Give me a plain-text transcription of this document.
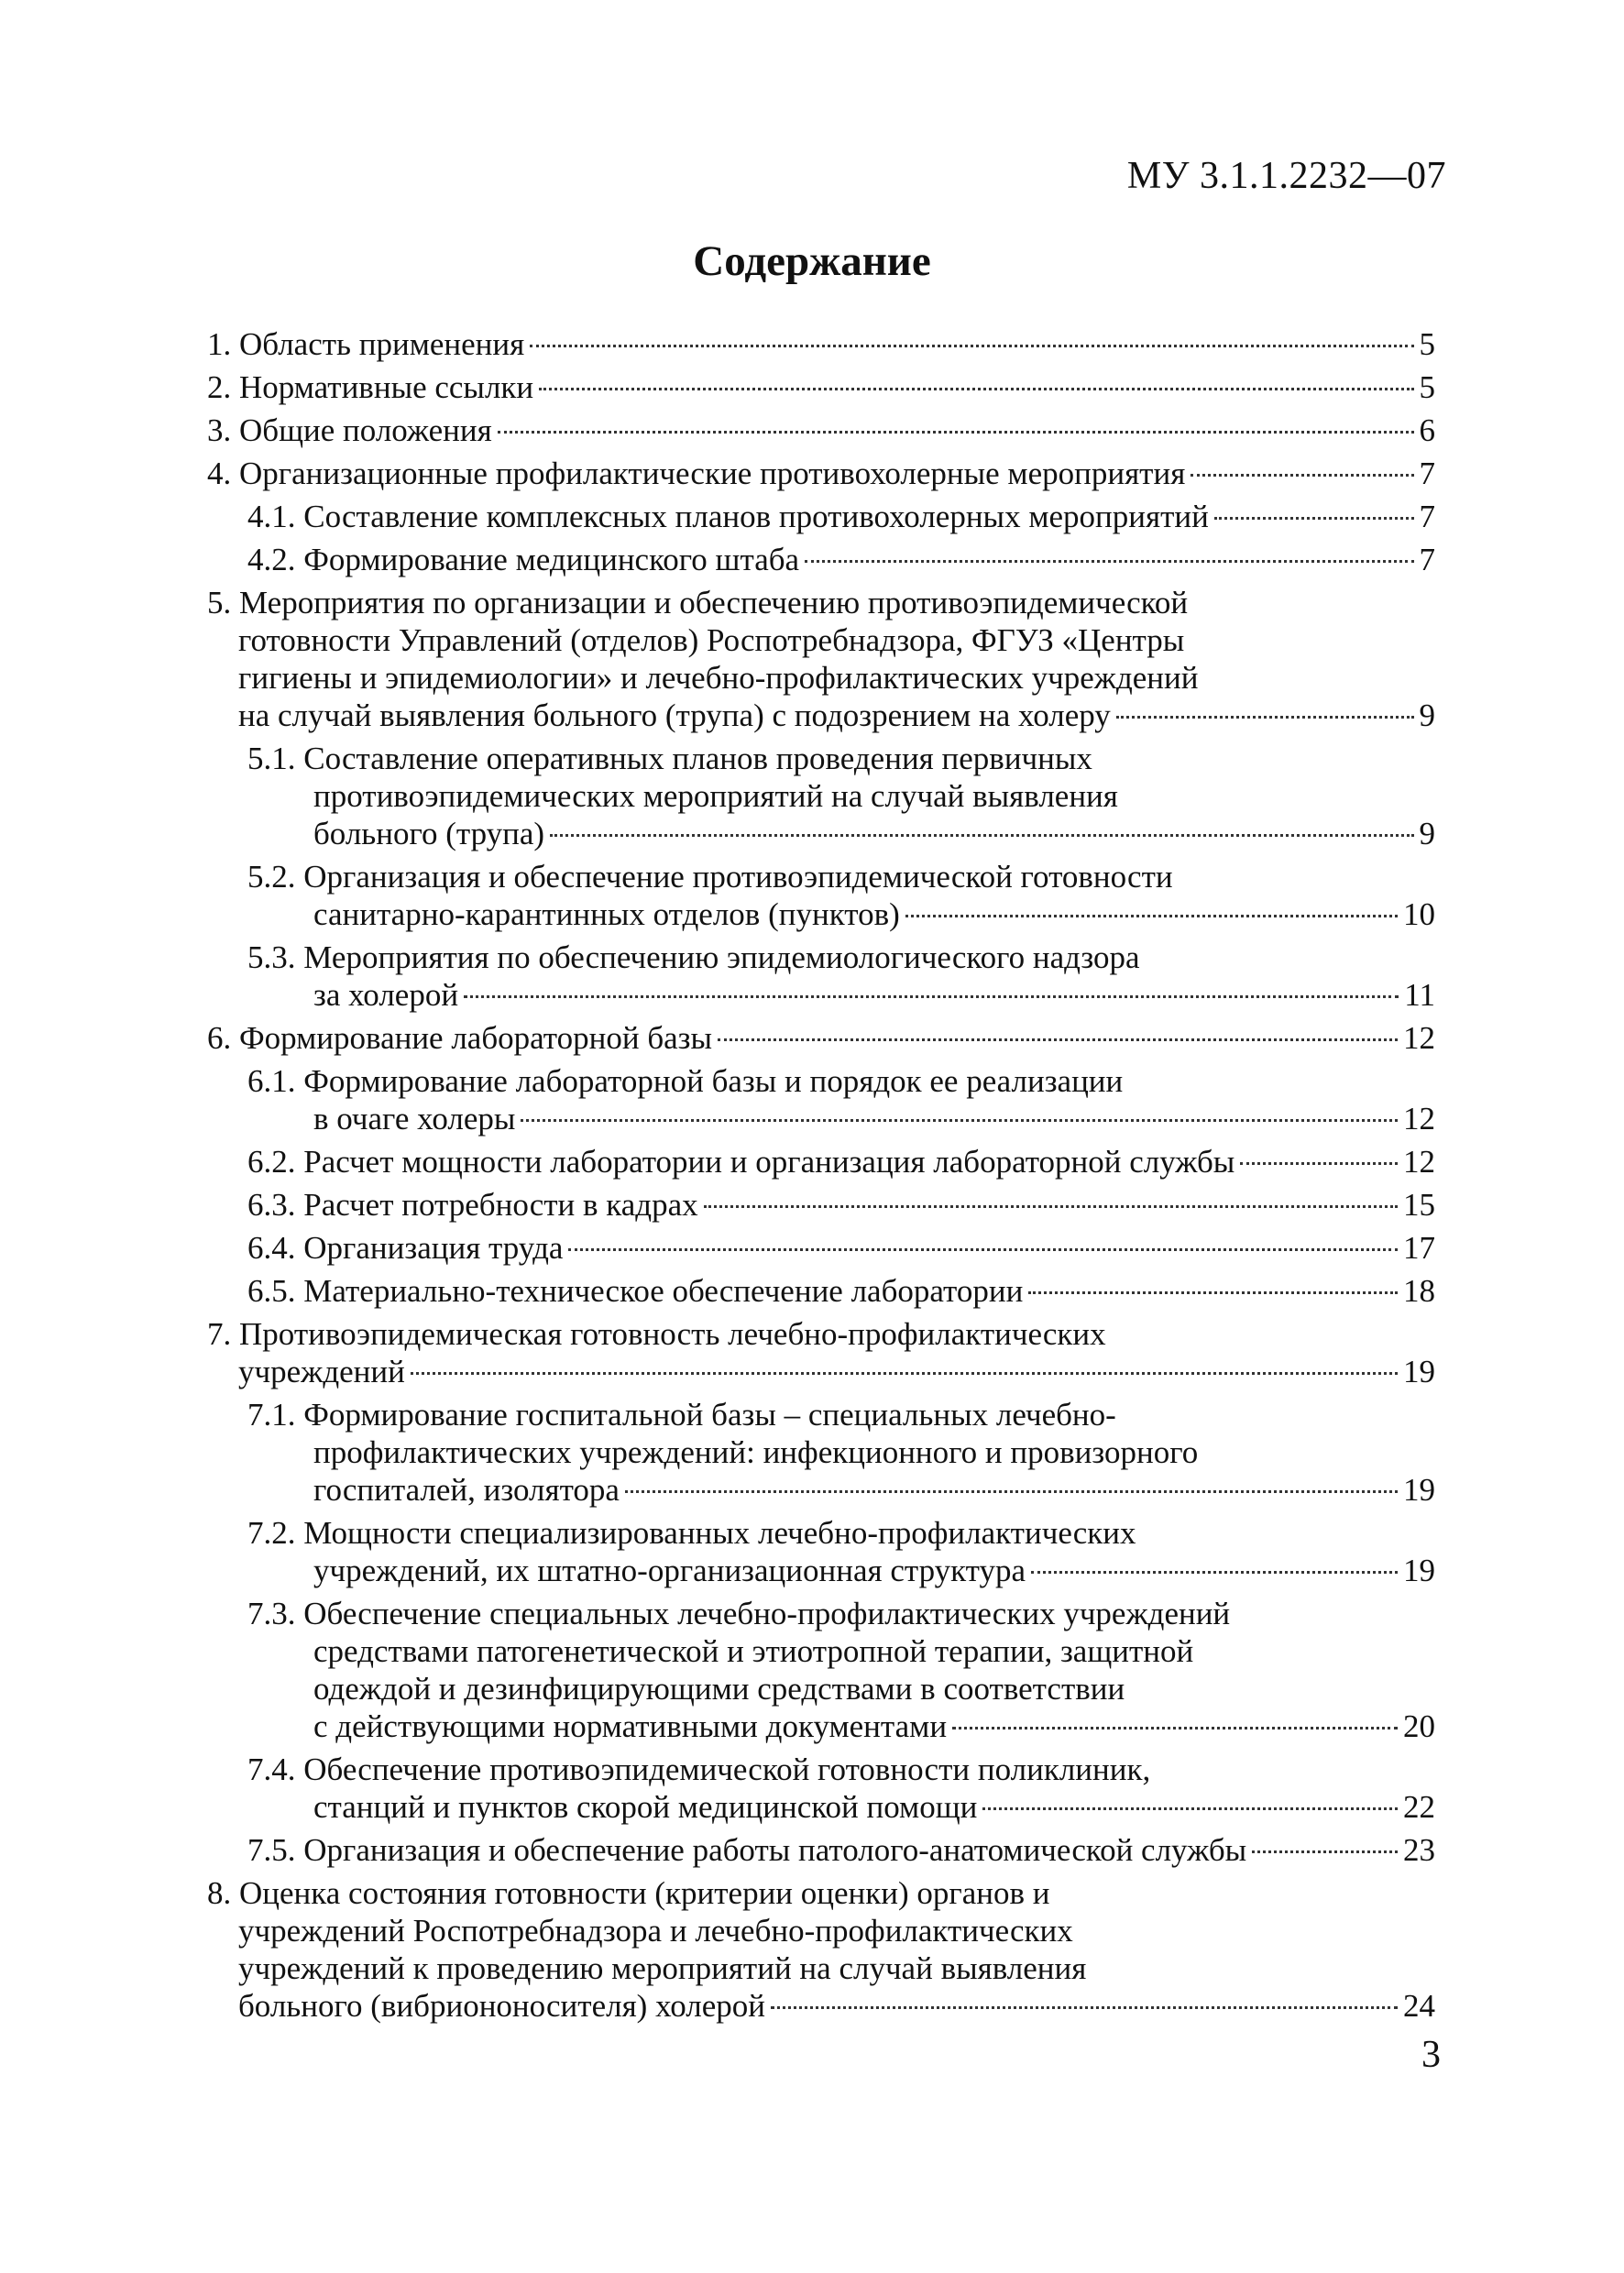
МУ 3.1.1.2232—07
Содержание
1. Область применения	5
2. Нормативные ссылки	5
3. Общие положения	6
4. Организационные профилактические противохолерные мероприятия	7
4.1. Составление комплексных планов противохолерных мероприятий	7
4.2. Формирование медицинского штаба	7
5. Мероприятия по организации и обеспечению противоэпидемической
готовности Управлений (отделов) Роспотребнадзора, ФГУЗ «Центры
гигиены и эпидемиологии» и лечебно-профилактических учреждений
на случай выявления больного (трупа) с подозрением на холеру	9
5.1. Составление оперативных планов проведения первичных
противоэпидемических мероприятий на случай выявления
больного (трупа)	9
5.2. Организация и обеспечение противоэпидемической готовности
санитарно-карантинных отделов (пунктов)	10
5.3. Мероприятия по обеспечению эпидемиологического надзора
за холерой	11
6. Формирование лабораторной базы	12
6.1. Формирование лабораторной базы и порядок ее реализации
в очаге холеры	12
6.2. Расчет мощности лаборатории и организация лабораторной службы	12
6.3. Расчет потребности в кадрах	15
6.4. Организация труда	17
6.5. Материально-техническое обеспечение лаборатории	18
7. Противоэпидемическая готовность лечебно-профилактических
учреждений	19
7.1. Формирование госпитальной базы – специальных лечебно-
профилактических учреждений: инфекционного и провизорного
госпиталей, изолятора	19
7.2. Мощности специализированных лечебно-профилактических
учреждений, их штатно-организационная структура	19
7.3. Обеспечение специальных лечебно-профилактических учреждений
средствами патогенетической и этиотропной терапии, защитной
одеждой и дезинфицирующими средствами в соответствии
с действующими нормативными документами	20
7.4. Обеспечение противоэпидемической готовности поликлиник,
станций и пунктов скорой медицинской помощи	22
7.5. Организация и обеспечение работы патолого-анатомической службы	23
8. Оценка состояния готовности (критерии оценки) органов и
учреждений Роспотребнадзора и лечебно-профилактических
учреждений к проведению мероприятий на случай выявления
больного (вибриононосителя) холерой	24
3
